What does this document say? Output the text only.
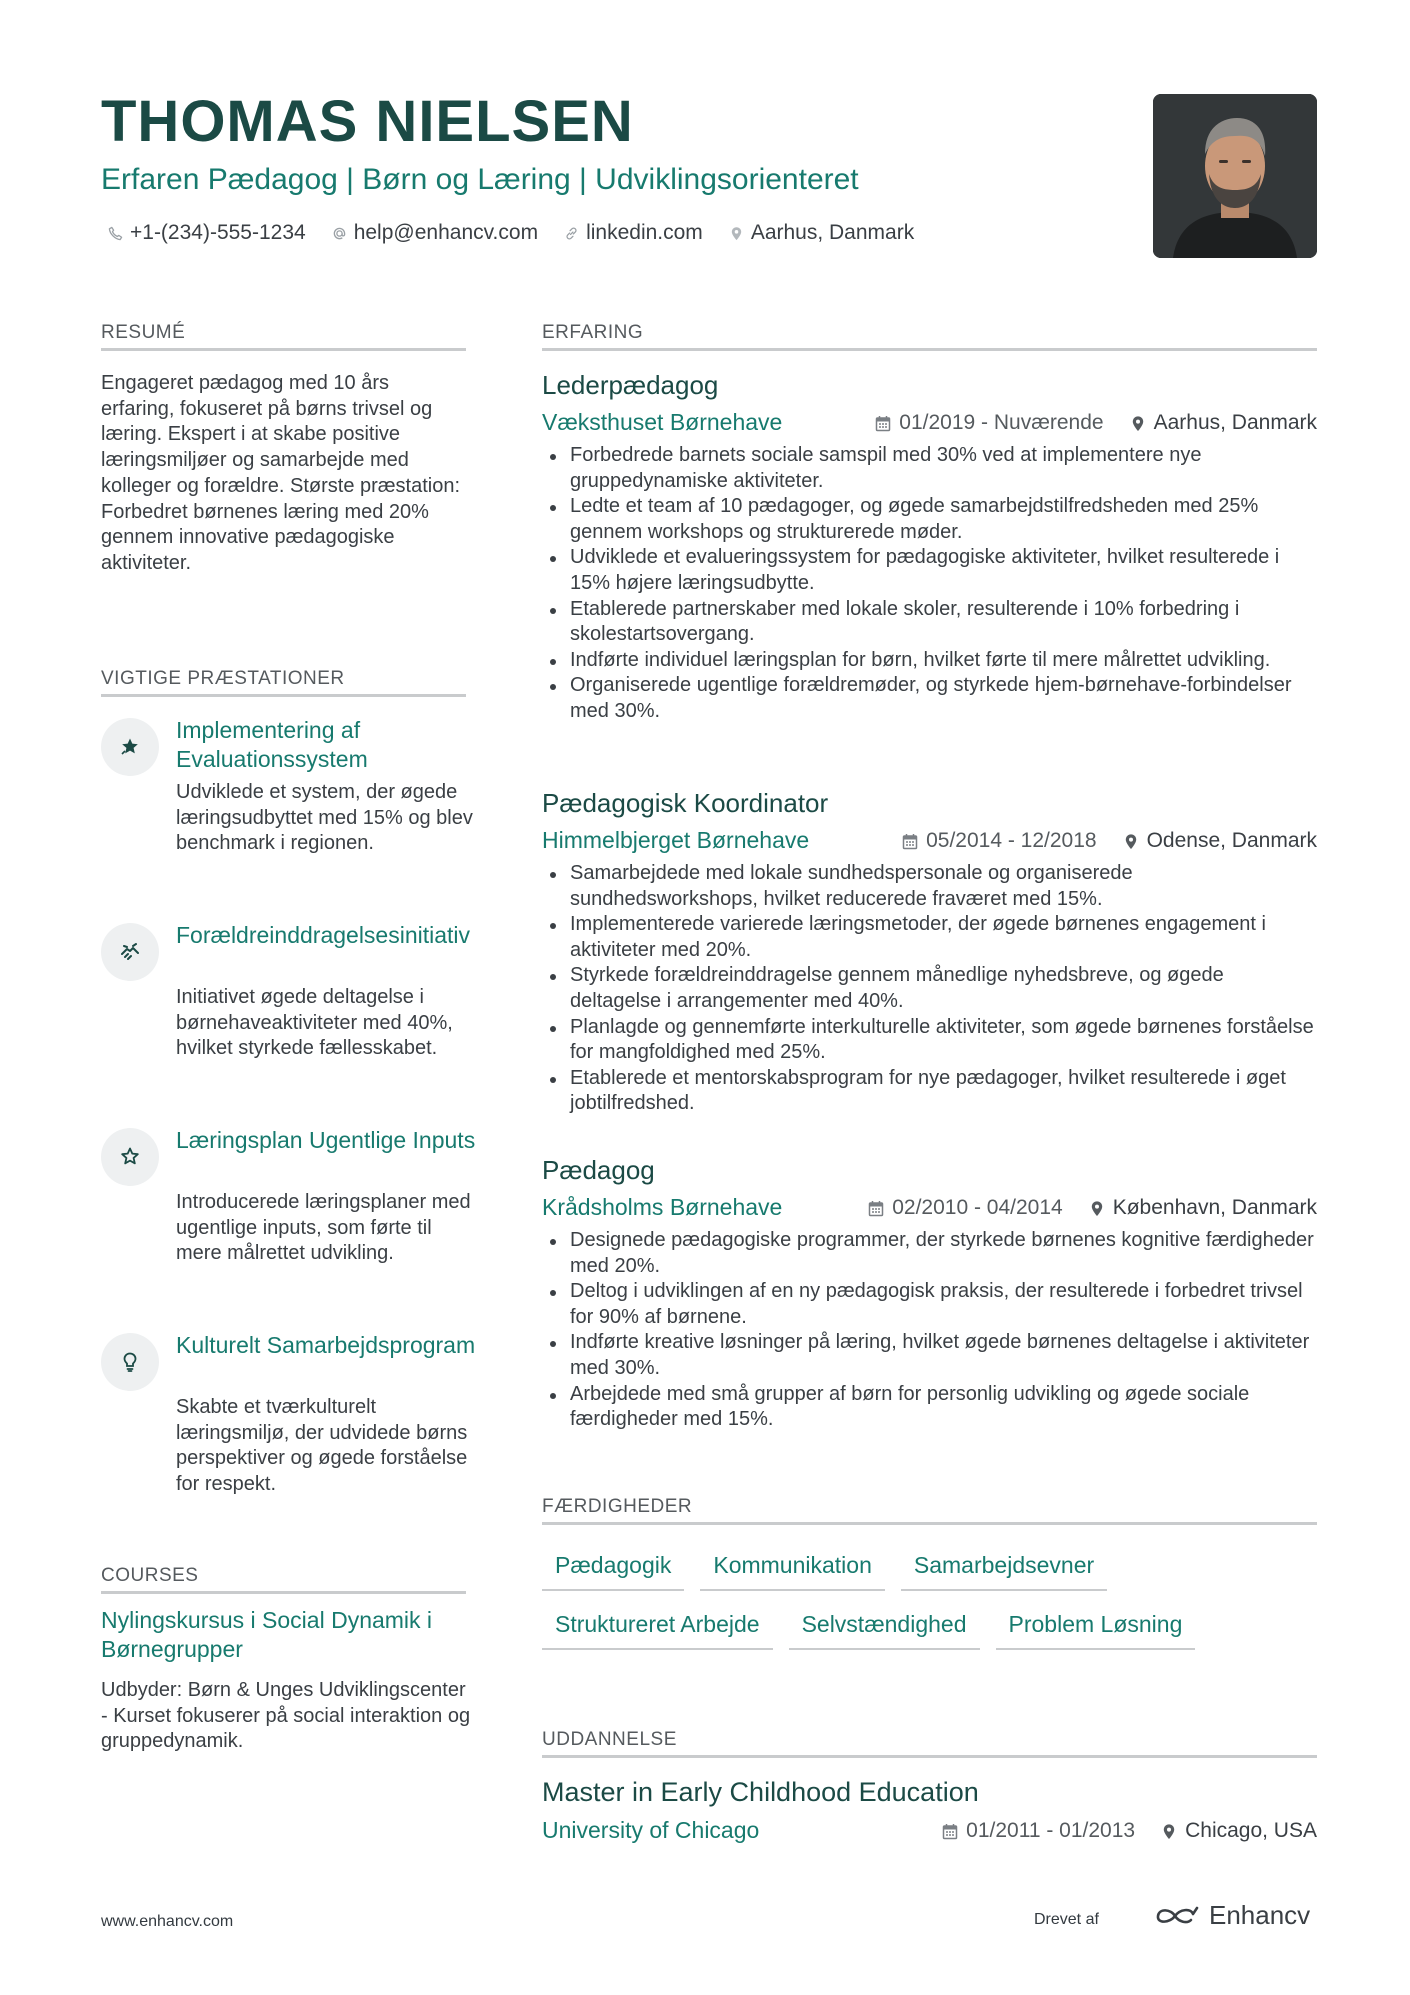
THOMAS NIELSEN
Erfaren Pædagog | Børn og Læring | Udviklingsorienteret
+1-(234)-555-1234 help@enhancv.com linkedin.com Aarhus, Danmark
RESUMÉ
Engageret pædagog med 10 års erfaring, fokuseret på børns trivsel og læring. Ekspert i at skabe positive læringsmiljøer og samarbejde med kolleger og forældre. Største præstation: Forbedret børnenes læring med 20% gennem innovative pædagogiske aktiviteter.
VIGTIGE PRÆSTATIONER
Implementering af Evaluationssystem
Udviklede et system, der øgede læringsudbyttet med 15% og blev benchmark i regionen.
Forældreinddragelsesinitiativ
Initiativet øgede deltagelse i børnehaveaktiviteter med 40%, hvilket styrkede fællesskabet.
Læringsplan Ugentlige Inputs
Introducerede læringsplaner med ugentlige inputs, som førte til mere målrettet udvikling.
Kulturelt Samarbejdsprogram
Skabte et tværkulturelt læringsmiljø, der udvidede børns perspektiver og øgede forståelse for respekt.
COURSES
Nylingskursus i Social Dynamik i Børnegrupper
Udbyder: Børn & Unges Udviklingscenter - Kurset fokuserer på social interaktion og gruppedynamik.
ERFARING
Lederpædagog
Væksthuset Børnehave	01/2019 - Nuværende Aarhus, Danmark
Forbedrede barnets sociale samspil med 30% ved at implementere nye gruppedynamiske aktiviteter.
Ledte et team af 10 pædagoger, og øgede samarbejdstilfredsheden med 25% gennem workshops og strukturerede møder.
Udviklede et evalueringssystem for pædagogiske aktiviteter, hvilket resulterede i 15% højere læringsudbytte.
Etablerede partnerskaber med lokale skoler, resulterende i 10% forbedring i skolestartsovergang.
Indførte individuel læringsplan for børn, hvilket førte til mere målrettet udvikling.
Organiserede ugentlige forældremøder, og styrkede hjem-børnehave-forbindelser med 30%.
Pædagogisk Koordinator
Himmelbjerget Børnehave	05/2014 - 12/2018 Odense, Danmark
Samarbejdede med lokale sundhedspersonale og organiserede sundhedsworkshops, hvilket reducerede fraværet med 15%.
Implementerede varierede læringsmetoder, der øgede børnenes engagement i aktiviteter med 20%.
Styrkede forældreinddragelse gennem månedlige nyhedsbreve, og øgede deltagelse i arrangementer med 40%.
Planlagde og gennemførte interkulturelle aktiviteter, som øgede børnenes forståelse for mangfoldighed med 25%.
Etablerede et mentorskabsprogram for nye pædagoger, hvilket resulterede i øget jobtilfredshed.
Pædagog
Krådsholms Børnehave	02/2010 - 04/2014 København, Danmark
Designede pædagogiske programmer, der styrkede børnenes kognitive færdigheder med 20%.
Deltog i udviklingen af en ny pædagogisk praksis, der resulterede i forbedret trivsel for 90% af børnene.
Indførte kreative løsninger på læring, hvilket øgede børnenes deltagelse i aktiviteter med 30%.
Arbejdede med små grupper af børn for personlig udvikling og øgede sociale færdigheder med 15%.
FÆRDIGHEDER
Pædagogik	Kommunikation	Samarbejdsevner
Struktureret Arbejde	Selvstændighed	Problem Løsning
UDDANNELSE
Master in Early Childhood Education
University of Chicago	01/2011 - 01/2013 Chicago, USA
www.enhancv.com	Drevet af	Enhancv
